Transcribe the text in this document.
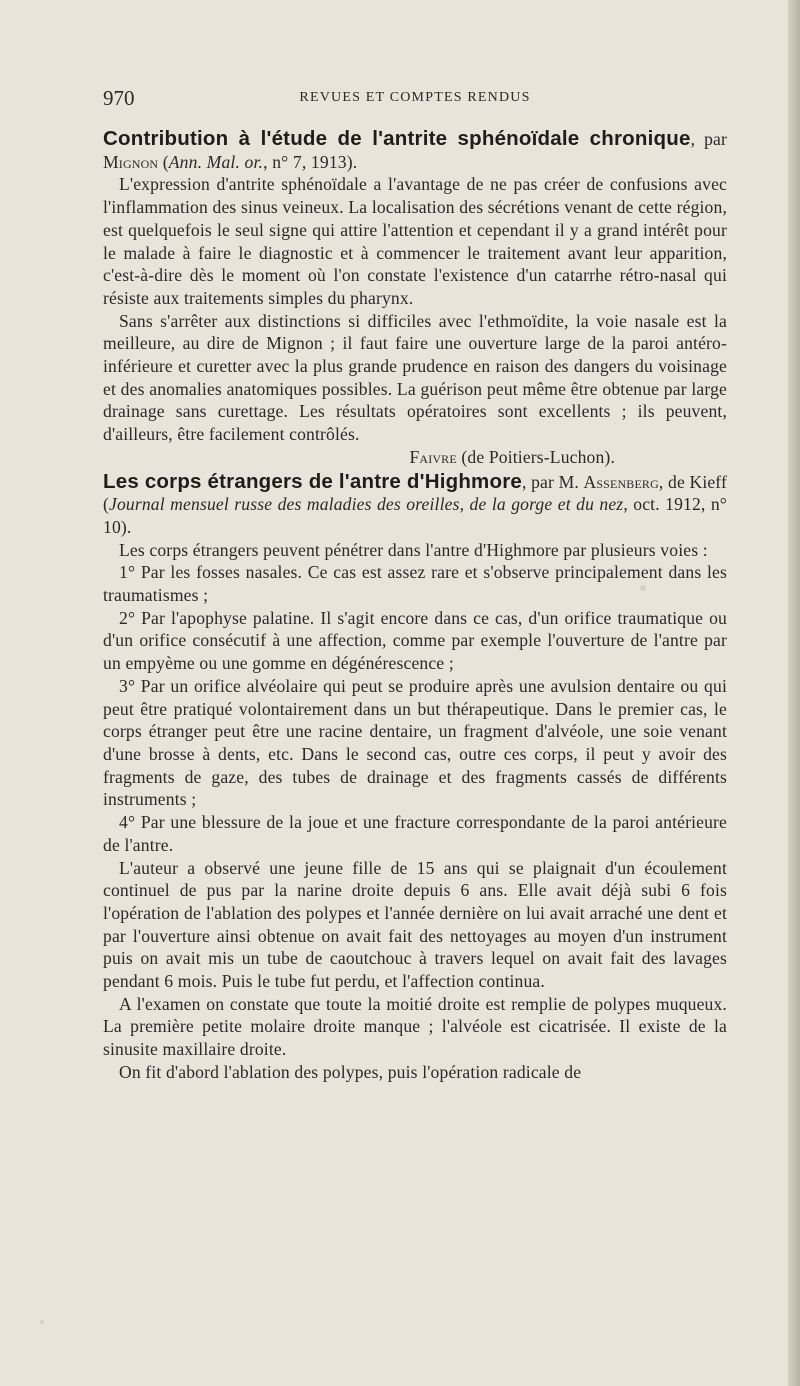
970	REVUES ET COMPTES RENDUS

Contribution à l'étude de l'antrite sphénoïdale chronique, par Mignon (Ann. Mal. or., n° 7, 1913).

L'expression d'antrite sphénoïdale a l'avantage de ne pas créer de confusions avec l'inflammation des sinus veineux. La localisation des sécrétions venant de cette région, est quelquefois le seul signe qui attire l'attention et cependant il y a grand intérêt pour le malade à faire le diagnostic et à commencer le traitement avant leur apparition, c'est-à-dire dès le moment où l'on constate l'existence d'un catarrhe rétro-nasal qui résiste aux traitements simples du pharynx.

Sans s'arrêter aux distinctions si difficiles avec l'ethmoïdite, la voie nasale est la meilleure, au dire de Mignon ; il faut faire une ouverture large de la paroi antéro-inférieure et curetter avec la plus grande prudence en raison des dangers du voisinage et des anomalies anatomiques possibles. La guérison peut même être obtenue par large drainage sans curettage. Les résultats opératoires sont excellents ; ils peuvent, d'ailleurs, être facilement contrôlés.

Faivre (de Poitiers-Luchon).

Les corps étrangers de l'antre d'Highmore, par M. Assenberg, de Kieff (Journal mensuel russe des maladies des oreilles, de la gorge et du nez, oct. 1912, n° 10).

Les corps étrangers peuvent pénétrer dans l'antre d'Highmore par plusieurs voies :

1° Par les fosses nasales. Ce cas est assez rare et s'observe principalement dans les traumatismes ;

2° Par l'apophyse palatine. Il s'agit encore dans ce cas, d'un orifice traumatique ou d'un orifice consécutif à une affection, comme par exemple l'ouverture de l'antre par un empyème ou une gomme en dégénérescence ;

3° Par un orifice alvéolaire qui peut se produire après une avulsion dentaire ou qui peut être pratiqué volontairement dans un but thérapeutique. Dans le premier cas, le corps étranger peut être une racine dentaire, un fragment d'alvéole, une soie venant d'une brosse à dents, etc. Dans le second cas, outre ces corps, il peut y avoir des fragments de gaze, des tubes de drainage et des fragments cassés de différents instruments ;

4° Par une blessure de la joue et une fracture correspondante de la paroi antérieure de l'antre.

L'auteur a observé une jeune fille de 15 ans qui se plaignait d'un écoulement continuel de pus par la narine droite depuis 6 ans. Elle avait déjà subi 6 fois l'opération de l'ablation des polypes et l'année dernière on lui avait arraché une dent et par l'ouverture ainsi obtenue on avait fait des nettoyages au moyen d'un instrument puis on avait mis un tube de caoutchouc à travers lequel on avait fait des lavages pendant 6 mois. Puis le tube fut perdu, et l'affection continua.

A l'examen on constate que toute la moitié droite est remplie de polypes muqueux. La première petite molaire droite manque ; l'alvéole est cicatrisée. Il existe de la sinusite maxillaire droite.

On fit d'abord l'ablation des polypes, puis l'opération radicale de
